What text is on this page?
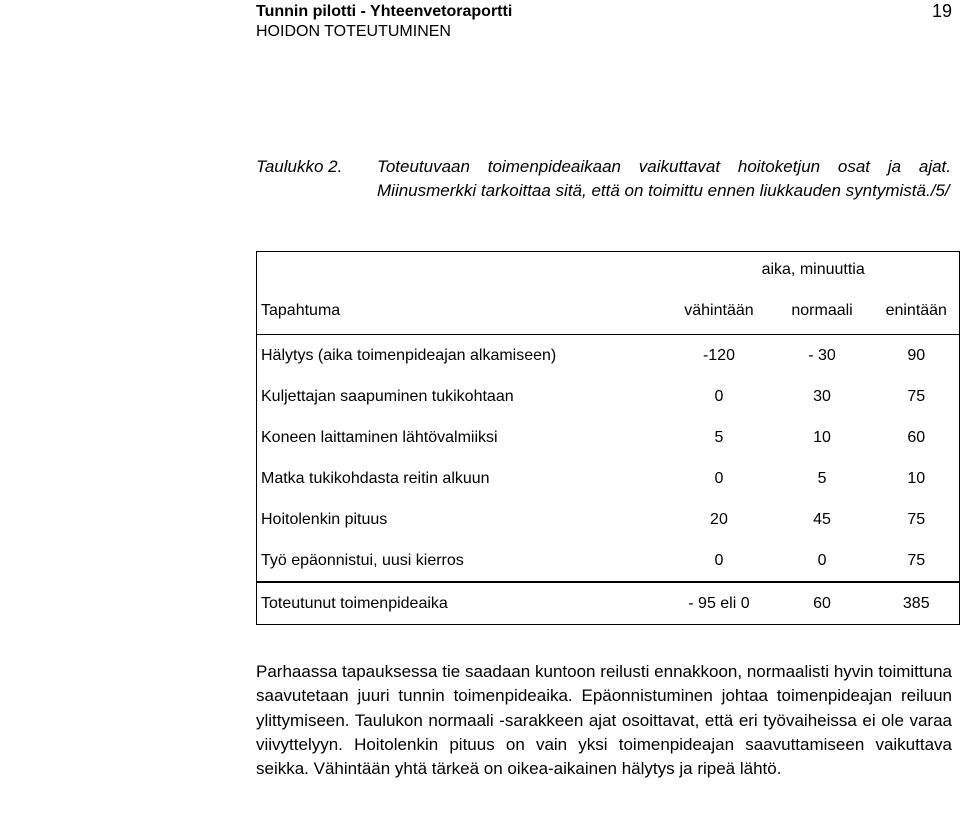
Tunnin pilotti - Yhteenvetoraportti
HOIDON TOTEUTUMINEN
19
Taulukko 2. Toteutuvaan toimenpideaikaan vaikuttavat hoitoketjun osat ja ajat. Miinusmerkki tarkoittaa sitä, että on toimittu ennen liukkauden syntymistä./5/
	aika, minuuttia			
Tapahtuma	vähintään	normaali	enintään	
Hälytys (aika toimenpideajan alkamiseen)	-120	- 30	90	
Kuljettajan saapuminen tukikohtaan	0	30	75	
Koneen laittaminen lähtövalmiiksi	5	10	60	
Matka tukikohdasta reitin alkuun	0	5	10	
Hoitolenkin pituus	20	45	75	
Työ epäonnistui, uusi kierros	0	0	75	
Toteutunut toimenpideaika	- 95 eli 0	60	385	
Parhaassa tapauksessa tie saadaan kuntoon reilusti ennakkoon, normaalisti hyvin toimittuna saavutetaan juuri tunnin toimenpideaika. Epäonnistuminen johtaa toimenpideajan reiluun ylittymiseen. Taulukon normaali -sarakkeen ajat osoittavat, että eri työvaiheissa ei ole varaa viivyttelyyn. Hoitolenkin pituus on vain yksi toimenpideajan saavuttamiseen vaikuttava seikka. Vähintään yhtä tärkeä on oikea-aikainen hälytys ja ripeä lähtö.
